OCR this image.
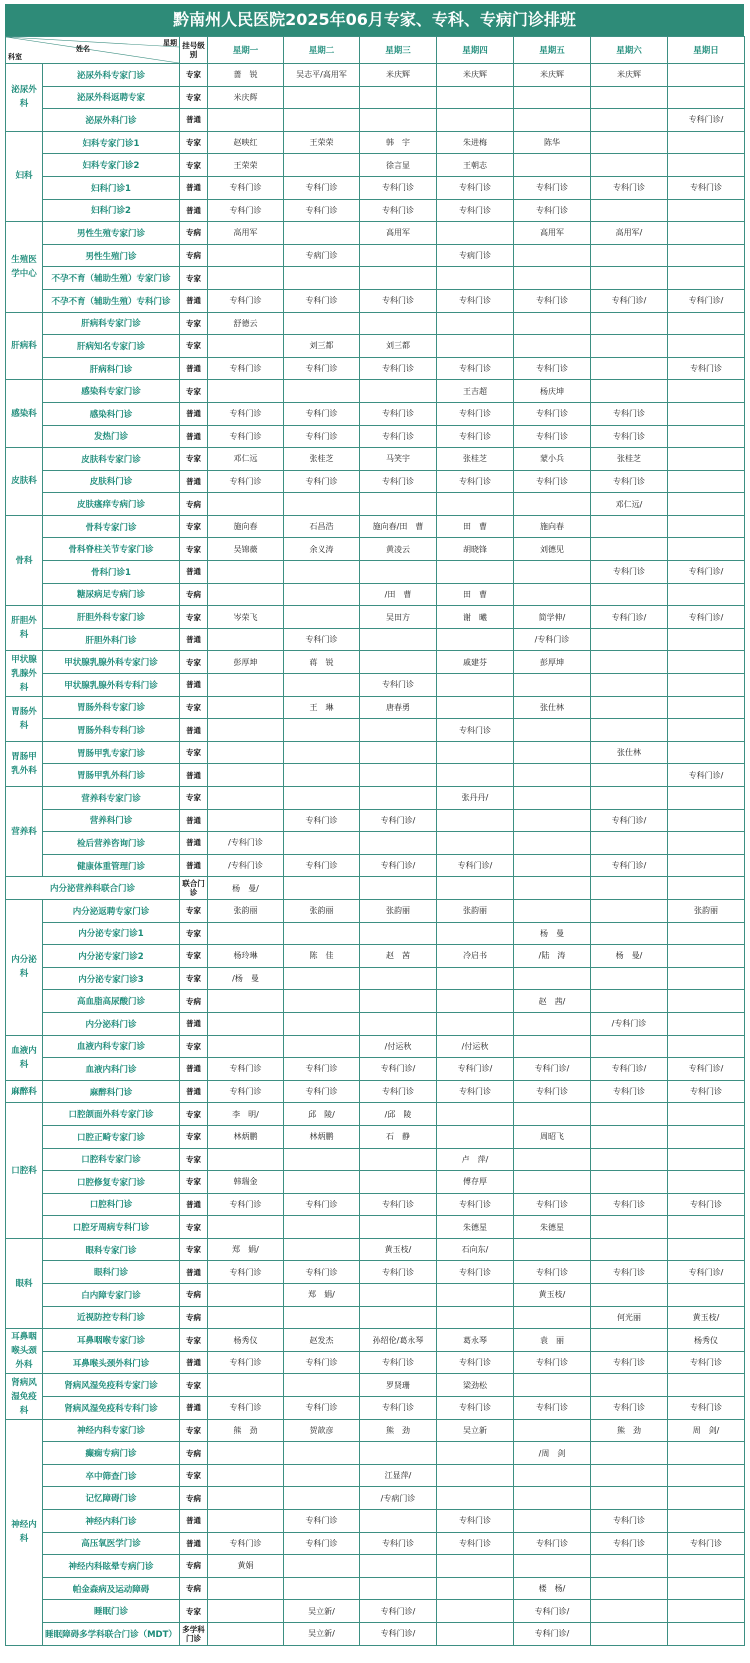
黔南州人民医院2025年06月专家、专科、专病门诊排班
星期
姓名
科室		挂号级别	星期一	星期二	星期三	星期四	星期五	星期六	星期日
泌尿外科	泌尿外科专家门诊	专家	蔷　锐	吴志平/高用军	米庆辉	米庆辉	米庆辉	米庆辉	
	泌尿外科返聘专家	专家	米庆辉						
	泌尿外科门诊	普通							专科门诊/
妇科	妇科专家门诊1	专家	赵映红	王荣荣	韩　宇	朱进梅	陈华		
	妇科专家门诊2	专家	王荣荣		徐言显	王朝志			
	妇科门诊1	普通	专科门诊	专科门诊	专科门诊	专科门诊	专科门诊	专科门诊	专科门诊
	妇科门诊2	普通	专科门诊	专科门诊	专科门诊	专科门诊	专科门诊		
生殖医学中心	男性生殖专家门诊	专病	高用军		高用军		高用军	高用军/	
	男性生殖门诊	专病		专病门诊		专病门诊			
	不孕不育（辅助生殖）专家门诊	专家							
	不孕不育（辅助生殖）专科门诊	普通	专科门诊	专科门诊	专科门诊	专科门诊	专科门诊	专科门诊/	专科门诊/
肝病科	肝病科专家门诊	专家	舒德云						
	肝病知名专家门诊	专家		刘三都	刘三都				
	肝病科门诊	普通	专科门诊	专科门诊	专科门诊	专科门诊	专科门诊		专科门诊
感染科	感染科专家门诊	专家				王吉超	杨庆坤		
	感染科门诊	普通	专科门诊	专科门诊	专科门诊	专科门诊	专科门诊	专科门诊	
	发热门诊	普通	专科门诊	专科门诊	专科门诊	专科门诊	专科门诊	专科门诊	
皮肤科	皮肤科专家门诊	专家	邓仁远	张桂芝	马笑宇	张桂芝	蒙小兵	张桂芝	
	皮肤科门诊	普通	专科门诊	专科门诊	专科门诊	专科门诊	专科门诊	专科门诊	
	皮肤瘙痒专病门诊	专病						邓仁远/	
骨科	骨科专家门诊	专家	施向春	石昌浩	施向春/田　曹	田　曹	施向春		
	骨科脊柱关节专家门诊	专家	吴锦薇	余义涛	黄凌云	胡晓锋	刘德见		
	骨科门诊1	普通						专科门诊	专科门诊/
	糖尿病足专病门诊	专病			/田　曹	田　曹			
肝胆外科	肝胆外科专家门诊	专家	岑荣飞		吴田方	谢　曦	简学伸/	专科门诊/	专科门诊/
	肝胆外科门诊	普通		专科门诊			/专科门诊		
甲状腺乳腺外科	甲状腺乳腺外科专家门诊	专家	彭厚坤	蒋　锐		戚建芬	彭厚坤		
	甲状腺乳腺外科专科门诊	普通			专科门诊				
胃肠外科	胃肠外科专家门诊	专家		王　琳	唐春勇		张仕林		
	胃肠外科专科门诊	普通				专科门诊			
胃肠甲乳外科	胃肠甲乳专家门诊	专家						张仕林	
	胃肠甲乳外科门诊	普通							专科门诊/
营养科	营养科专家门诊	专家				张丹丹/			
	营养科门诊	普通		专科门诊	专科门诊/			专科门诊/	
	检后营养咨询门诊	普通	/专科门诊						
	健康体重管理门诊	普通	/专科门诊	专科门诊	专科门诊/	专科门诊/		专科门诊/	
内分泌营养科联合门诊		联合门诊	杨　曼/						
内分泌科	内分泌返聘专家门诊	专家	张韵丽	张韵丽	张韵丽	张韵丽			张韵丽
	内分泌专家门诊1	专家					杨　曼		
	内分泌专家门诊2	专家	杨玲琳	陈　佳	赵　茜	冷启书	/陆　涛	杨　曼/	
	内分泌专家门诊3	专家	/杨　曼						
	高血脂高尿酸门诊	专病					赵　茜/		
	内分泌科门诊	普通						/专科门诊	
血液内科	血液内科专家门诊	专家			/付运秋	/付运秋			
	血液内科门诊	普通	专科门诊	专科门诊	专科门诊/	专科门诊/	专科门诊/	专科门诊/	专科门诊/
麻醉科	麻醉科门诊	普通	专科门诊	专科门诊	专科门诊	专科门诊	专科门诊	专科门诊	专科门诊
口腔科	口腔颌面外科专家门诊	专家	李　明/	邱　陵/	/邱　陵				
	口腔正畸专家门诊	专家	林炳鹏	林炳鹏	石　静		周昭飞		
	口腔科专家门诊	专家				卢　萍/			
	口腔修复专家门诊	专家	韩瑞金			傅存厚			
	口腔科门诊	普通	专科门诊	专科门诊	专科门诊	专科门诊	专科门诊	专科门诊	专科门诊
	口腔牙周病专科门诊	专家				朱德星	朱德星		
眼科	眼科专家门诊	专家	郑　娟/		黄玉枝/	石向东/			
	眼科门诊	普通	专科门诊	专科门诊	专科门诊	专科门诊	专科门诊	专科门诊	专科门诊/
	白内障专家门诊	专病		郑　娟/			黄玉枝/		
	近视防控专科门诊	专病						何光丽	黄玉枝/
耳鼻咽喉头颈外科	耳鼻咽喉专家门诊	专家	杨秀仪	赵发杰	孙绍伦/葛永琴	葛永琴	袁　丽		杨秀仪
	耳鼻喉头颈外科门诊	普通	专科门诊	专科门诊	专科门诊	专科门诊	专科门诊	专科门诊	专科门诊
肾病风湿免疫科	肾病风湿免疫科专家门诊	专家			罗贤珊	梁劲松			
	肾病风湿免疫科专科门诊	普通	专科门诊	专科门诊	专科门诊	专科门诊	专科门诊	专科门诊	专科门诊
神经内科	神经内科专家门诊	专家	熊　劲	贺歆彦	熊　劲	吴立新		熊　劲	周　剑/
	癫痫专病门诊	专病					/周　剑		
	卒中筛查门诊	专家			江显萍/				
	记忆障碍门诊	专病			/专病门诊				
	神经内科门诊	普通		专科门诊		专科门诊		专科门诊	
	高压氧医学门诊	普通	专科门诊	专科门诊	专科门诊	专科门诊	专科门诊	专科门诊	专科门诊
	神经内科眩晕专病门诊	专病	黄娟						
	帕金森病及运动障碍	专病					楼　杨/		
	睡眠门诊	专家		吴立新/	专科门诊/		专科门诊/		
	睡眠障碍多学科联合门诊（MDT）	多学科门诊		吴立新/	专科门诊/		专科门诊/		
